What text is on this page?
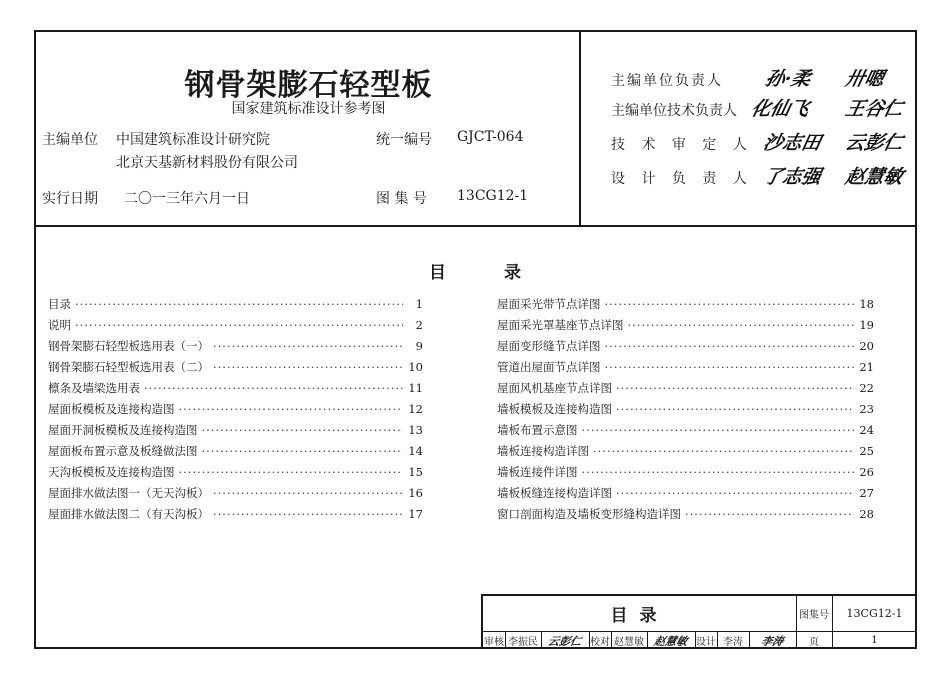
钢骨架膨石轻型板
国家建筑标准设计参考图
主编单位 中国建筑标准设计研究院
北京天基新材料股份有限公司
统一编号 GJCT-064
实行日期 二〇一三年六月一日	图 集 号 13CG12-1
主编单位负责人 孙·柔 卅嗯
主编单位技术负责人 化仙飞 王谷仁
技 术 审 定 人 沙志田 云彭仁
设 计 负 责 人 了志强 赵慧敏
目	录
目录 ·····	1
说明 ·····	2
钢骨架膨石轻型板选用表（一） ·····	9
钢骨架膨石轻型板选用表（二） ·····	10
檩条及墙梁选用表 ·····	11
屋面板模板及连接构造图 ·····	12
屋面开洞板模板及连接构造图 ·····	13
屋面板布置示意及板缝做法图 ·····	14
天沟板模板及连接构造图 ·····	15
屋面排水做法图一（无天沟板） ·····	16
屋面排水做法图二（有天沟板） ·····	17
屋面采光带节点详图 ·····	18
屋面采光罩基座节点详图 ·····	19
屋面变形缝节点详图 ·····	20
管道出屋面节点详图 ·····	21
屋面风机基座节点详图 ·····	22
墙板模板及连接构造图 ·····	23
墙板布置示意图 ·····	24
墙板连接构造详图 ·····	25
墙板连接件详图 ·····	26
墙板板缝连接构造详图 ·····	27
窗口剖面构造及墙板变形缝构造详图 ·····	28
目录	图集号	13CG12-1
审核 李振民 云彭仁 校对 赵慧敏 赵慧敏 设计 李涛	李涛	页	1
